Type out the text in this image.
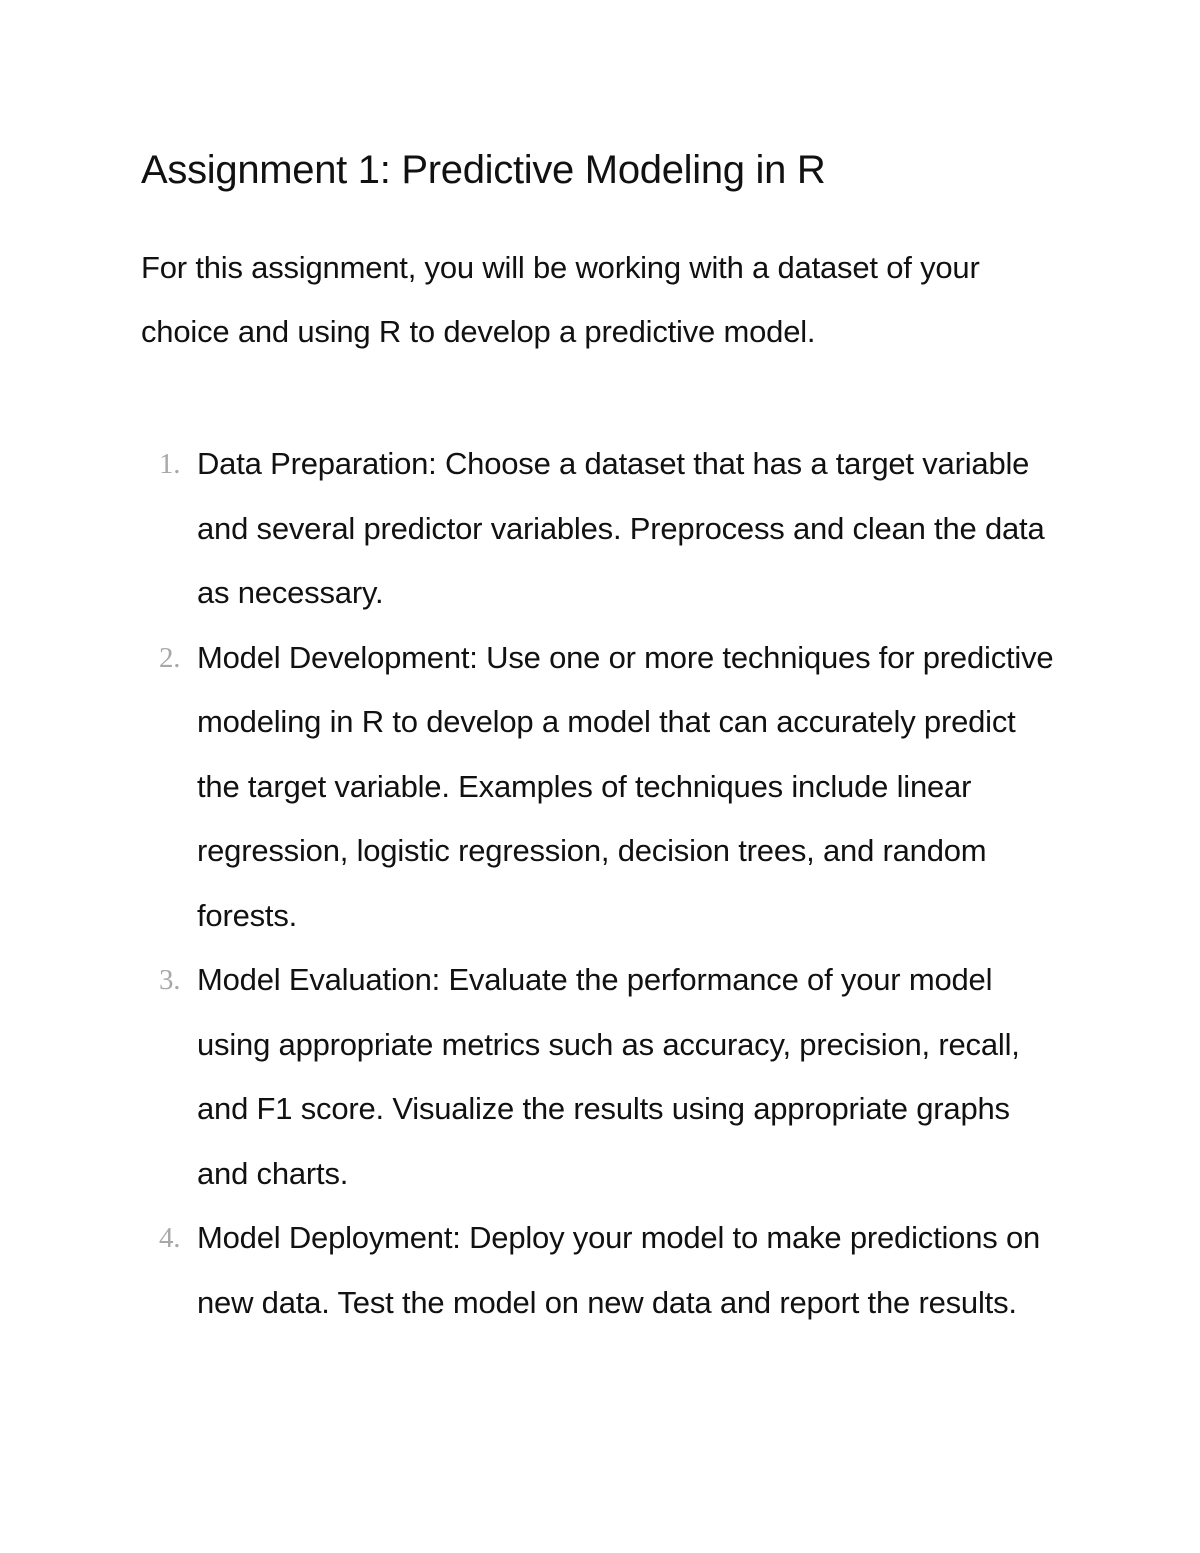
Assignment 1: Predictive Modeling in R

For this assignment, you will be working with a dataset of your choice and using R to develop a predictive model.

1. Data Preparation: Choose a dataset that has a target variable and several predictor variables. Preprocess and clean the data as necessary.
2. Model Development: Use one or more techniques for predictive modeling in R to develop a model that can accurately predict the target variable. Examples of techniques include linear regression, logistic regression, decision trees, and random forests.
3. Model Evaluation: Evaluate the performance of your model using appropriate metrics such as accuracy, precision, recall, and F1 score. Visualize the results using appropriate graphs and charts.
4. Model Deployment: Deploy your model to make predictions on new data. Test the model on new data and report the results.
